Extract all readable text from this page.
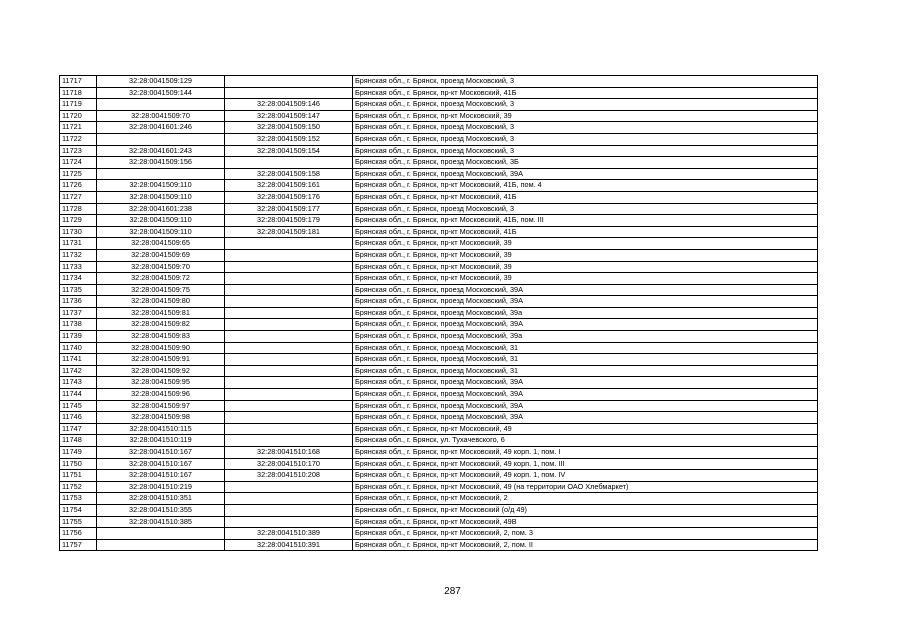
11717	32:28:0041509:129		Брянская обл., г. Брянск, проезд Московский, 3
11718	32:28:0041509:144		Брянская обл., г. Брянск, пр-кт Московский, 41Б
11719		32:28:0041509:146	Брянская обл., г. Брянск, проезд Московский, 3
11720	32:28:0041509:70	32:28:0041509:147	Брянская обл., г. Брянск, пр-кт Московский, 39
11721	32:28:0041601:246	32:28:0041509:150	Брянская обл., г. Брянск, проезд Московский, 3
11722		32:28:0041509:152	Брянская обл., г. Брянск, проезд Московский, 3
11723	32:28:0041601:243	32:28:0041509:154	Брянская обл., г. Брянск, проезд Московский, 3
11724	32:28:0041509:156		Брянская обл., г. Брянск, проезд Московский, 3Б
11725		32:28:0041509:158	Брянская обл., г. Брянск, проезд Московский, 39А
11726	32:28:0041509:110	32:28:0041509:161	Брянская обл., г. Брянск, пр-кт Московский, 41Б, пом. 4
11727	32:28:0041509:110	32:28:0041509:176	Брянская обл., г. Брянск, пр-кт Московский, 41Б
11728	32:28:0041601:238	32:28:0041509:177	Брянская обл., г. Брянск, проезд Московский, 3
11729	32:28:0041509:110	32:28:0041509:179	Брянская обл., г. Брянск, пр-кт Московский, 41Б, пом. III
11730	32:28:0041509:110	32:28:0041509:181	Брянская обл., г. Брянск, пр-кт Московский, 41Б
11731	32:28:0041509:65		Брянская обл., г. Брянск, пр-кт Московский, 39
11732	32:28:0041509:69		Брянская обл., г. Брянск, пр-кт Московский, 39
11733	32:28:0041509:70		Брянская обл., г. Брянск, пр-кт Московский, 39
11734	32:28:0041509:72		Брянская обл., г. Брянск, пр-кт Московский, 39
11735	32:28:0041509:75		Брянская обл., г. Брянск, проезд Московский, 39А
11736	32:28:0041509:80		Брянская обл., г. Брянск, проезд Московский, 39А
11737	32:28:0041509:81		Брянская обл., г. Брянск, проезд Московский, 39а
11738	32:28:0041509:82		Брянская обл., г. Брянск, проезд Московский, 39А
11739	32:28:0041509:83		Брянская обл., г. Брянск, проезд Московский, 39а
11740	32:28:0041509:90		Брянская обл., г. Брянск, проезд Московский, 31
11741	32:28:0041509:91		Брянская обл., г. Брянск, проезд Московский, 31
11742	32:28:0041509:92		Брянская обл., г. Брянск, проезд Московский, 31
11743	32:28:0041509:95		Брянская обл., г. Брянск, проезд Московский, 39А
11744	32:28:0041509:96		Брянская обл., г. Брянск, проезд Московский, 39А
11745	32:28:0041509:97		Брянская обл., г. Брянск, проезд Московский, 39А
11746	32:28:0041509:98		Брянская обл., г. Брянск, проезд Московский, 39А
11747	32:28:0041510:115		Брянская обл., г. Брянск, пр-кт Московский, 49
11748	32:28:0041510:119		Брянская обл., г. Брянск, ул. Тухачевского, 6
11749	32:28:0041510:167	32:28:0041510:168	Брянская обл., г. Брянск, пр-кт Московский, 49 корп. 1, пом. I
11750	32:28:0041510:167	32:28:0041510:170	Брянская обл., г. Брянск, пр-кт Московский, 49 корп. 1, пом. III
11751	32:28:0041510:167	32:28:0041510:208	Брянская обл., г. Брянск, пр-кт Московский, 49 корп. 1, пом. IV
11752	32:28:0041510:219		Брянская обл., г. Брянск, пр-кт Московский, 49 (на территории ОАО Хлебмаркет)
11753	32:28:0041510:351		Брянская обл., г. Брянск, пр-кт Московский, 2
11754	32:28:0041510:355		Брянская обл., г. Брянск, пр-кт Московский (о/д 49)
11755	32:28:0041510:385		Брянская обл., г. Брянск, пр-кт Московский, 49В
11756		32:28:0041510:389	Брянская обл., г. Брянск, пр-кт Московский, 2, пом. 3
11757		32:28:0041510:391	Брянская обл., г. Брянск, пр-кт Московский, 2, пом. II
287
